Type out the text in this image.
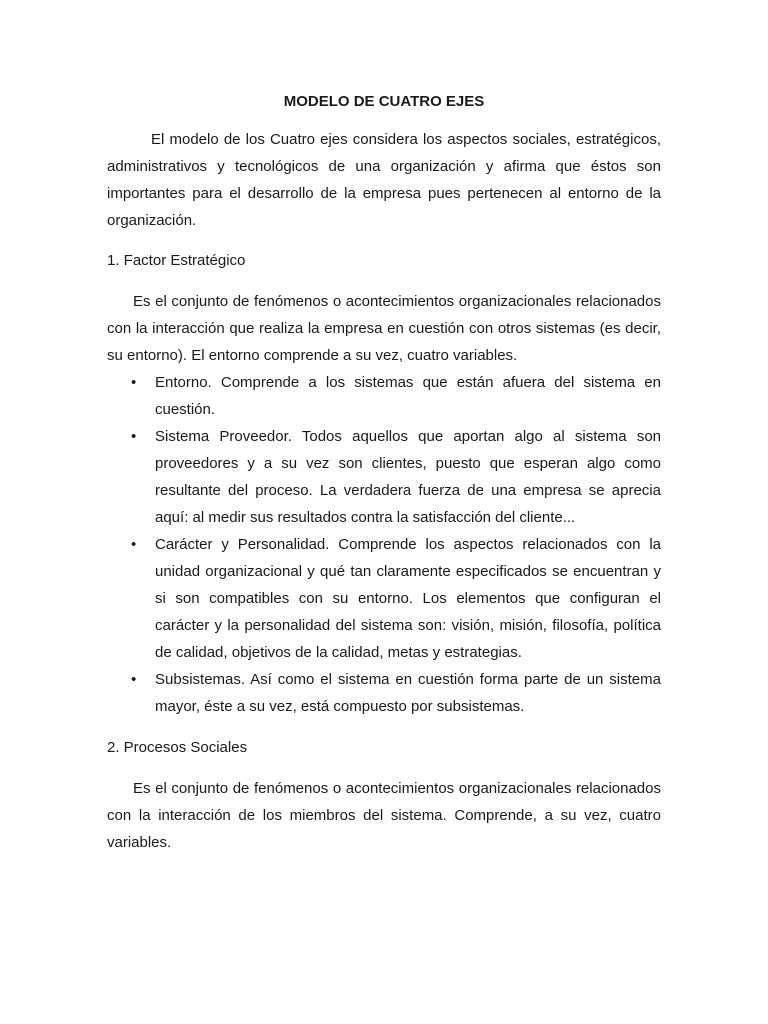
MODELO DE CUATRO EJES

El modelo de los Cuatro ejes considera los aspectos sociales, estratégicos, administrativos y tecnológicos de una organización y afirma que éstos son importantes para el desarrollo de la empresa pues pertenecen al entorno de la organización.

1. Factor Estratégico

Es el conjunto de fenómenos o acontecimientos organizacionales relacionados con la interacción que realiza la empresa en cuestión con otros sistemas (es decir, su entorno). El entorno comprende a su vez, cuatro variables.

• Entorno. Comprende a los sistemas que están afuera del sistema en cuestión.
• Sistema Proveedor. Todos aquellos que aportan algo al sistema son proveedores y a su vez son clientes, puesto que esperan algo como resultante del proceso. La verdadera fuerza de una empresa se aprecia aquí: al medir sus resultados contra la satisfacción del cliente...
• Carácter y Personalidad. Comprende los aspectos relacionados con la unidad organizacional y qué tan claramente especificados se encuentran y si son compatibles con su entorno. Los elementos que configuran el carácter y la personalidad del sistema son: visión, misión, filosofía, política de calidad, objetivos de la calidad, metas y estrategias.
• Subsistemas. Así como el sistema en cuestión forma parte de un sistema mayor, éste a su vez, está compuesto por subsistemas.

2. Procesos Sociales

Es el conjunto de fenómenos o acontecimientos organizacionales relacionados con la interacción de los miembros del sistema. Comprende, a su vez, cuatro variables.
